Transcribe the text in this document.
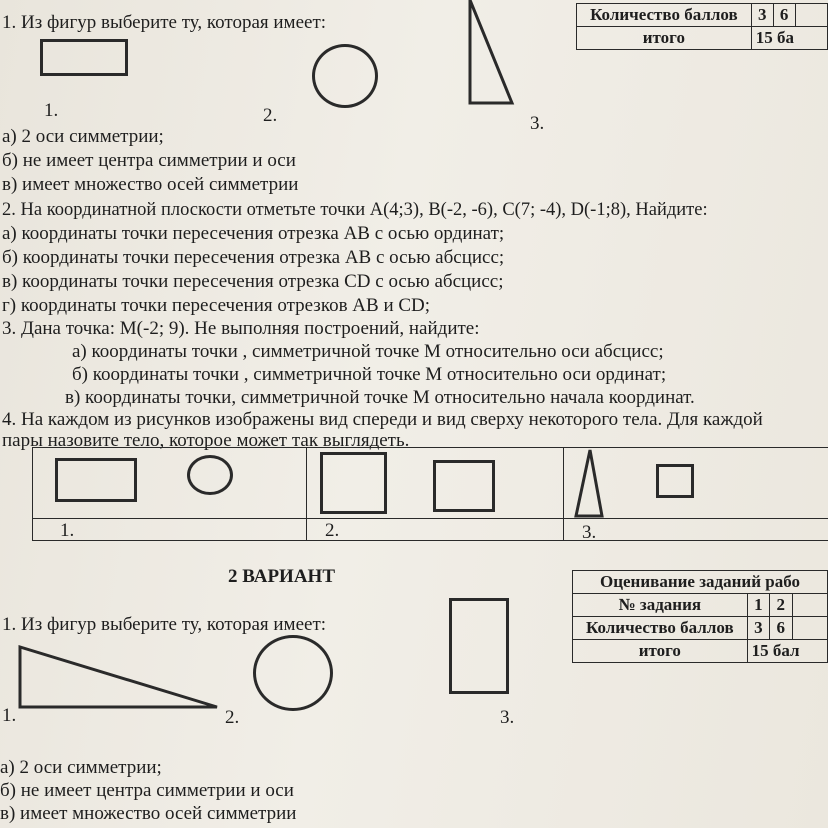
Количество баллов	3	6	
итого	15 ба		
1. Из фигур выберите ту, которая имеет:
1.	2.	3.
а) 2 оси симметрии;
б) не имеет центра симметрии и оси
в) имеет множество осей симметрии
2. На координатной плоскости отметьте точки A(4;3), B(-2, -6), C(7; -4), D(-1;8), Найдите:
а) координаты точки пересечения отрезка AB с осью ординат;
б) координаты точки пересечения отрезка AB с осью абсцисс;
в) координаты точки пересечения отрезка CD с осью абсцисс;
г) координаты точки пересечения отрезков AB и CD;
3. Дана точка: M(-2; 9). Не выполняя построений, найдите:
а) координаты точки , симметричной точке M относительно оси абсцисс;
б) координаты точки , симметричной точке M относительно оси ординат;
в) координаты точки, симметричной точке M относительно начала координат.
4. На каждом из рисунков изображены вид спереди и вид сверху некоторого тела. Для каждой
пары назовите тело, которое может так выглядеть.
1.	2.	3.
2 ВАРИАНТ	Оценивание заданий рабо			
№ задания	1	2	
Количество баллов	3	6	
итого	15 бал		
1. Из фигур выберите ту, которая имеет:
1.	2.	3.
а) 2 оси симметрии;
б) не имеет центра симметрии и оси
в) имеет множество осей симметрии
